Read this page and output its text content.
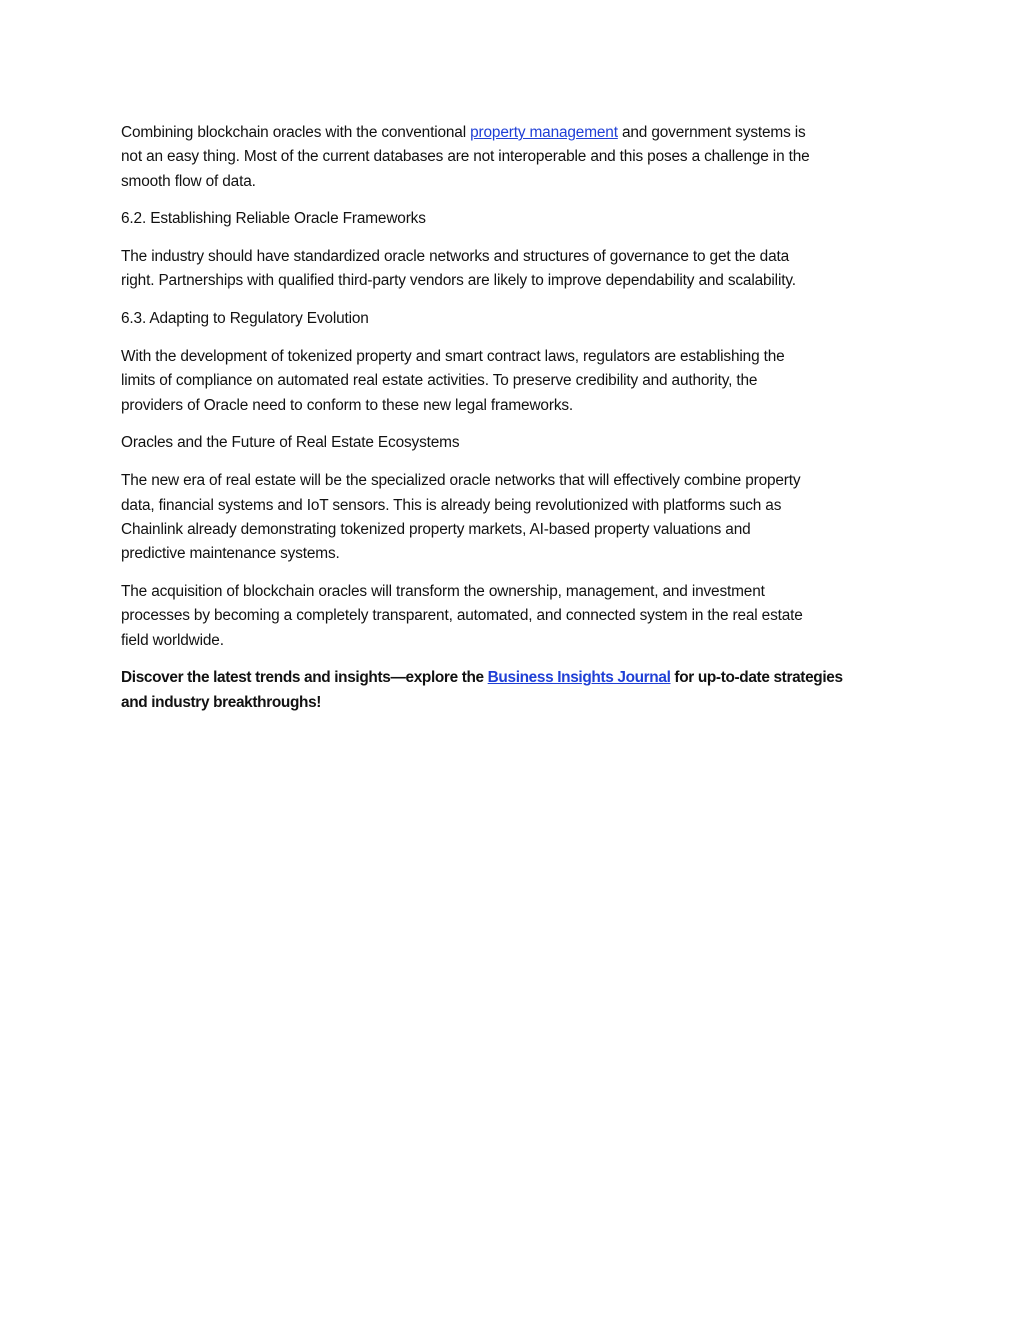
Combining blockchain oracles with the conventional property management and government systems is
not an easy thing. Most of the current databases are not interoperable and this poses a challenge in the
smooth flow of data.

6.2. Establishing Reliable Oracle Frameworks

The industry should have standardized oracle networks and structures of governance to get the data
right. Partnerships with qualified third-party vendors are likely to improve dependability and scalability.

6.3. Adapting to Regulatory Evolution

With the development of tokenized property and smart contract laws, regulators are establishing the
limits of compliance on automated real estate activities. To preserve credibility and authority, the
providers of Oracle need to conform to these new legal frameworks.

Oracles and the Future of Real Estate Ecosystems

The new era of real estate will be the specialized oracle networks that will effectively combine property
data, financial systems and IoT sensors. This is already being revolutionized with platforms such as
Chainlink already demonstrating tokenized property markets, AI-based property valuations and
predictive maintenance systems.

The acquisition of blockchain oracles will transform the ownership, management, and investment
processes by becoming a completely transparent, automated, and connected system in the real estate
field worldwide.

Discover the latest trends and insights—explore the Business Insights Journal for up-to-date strategies
and industry breakthroughs!
